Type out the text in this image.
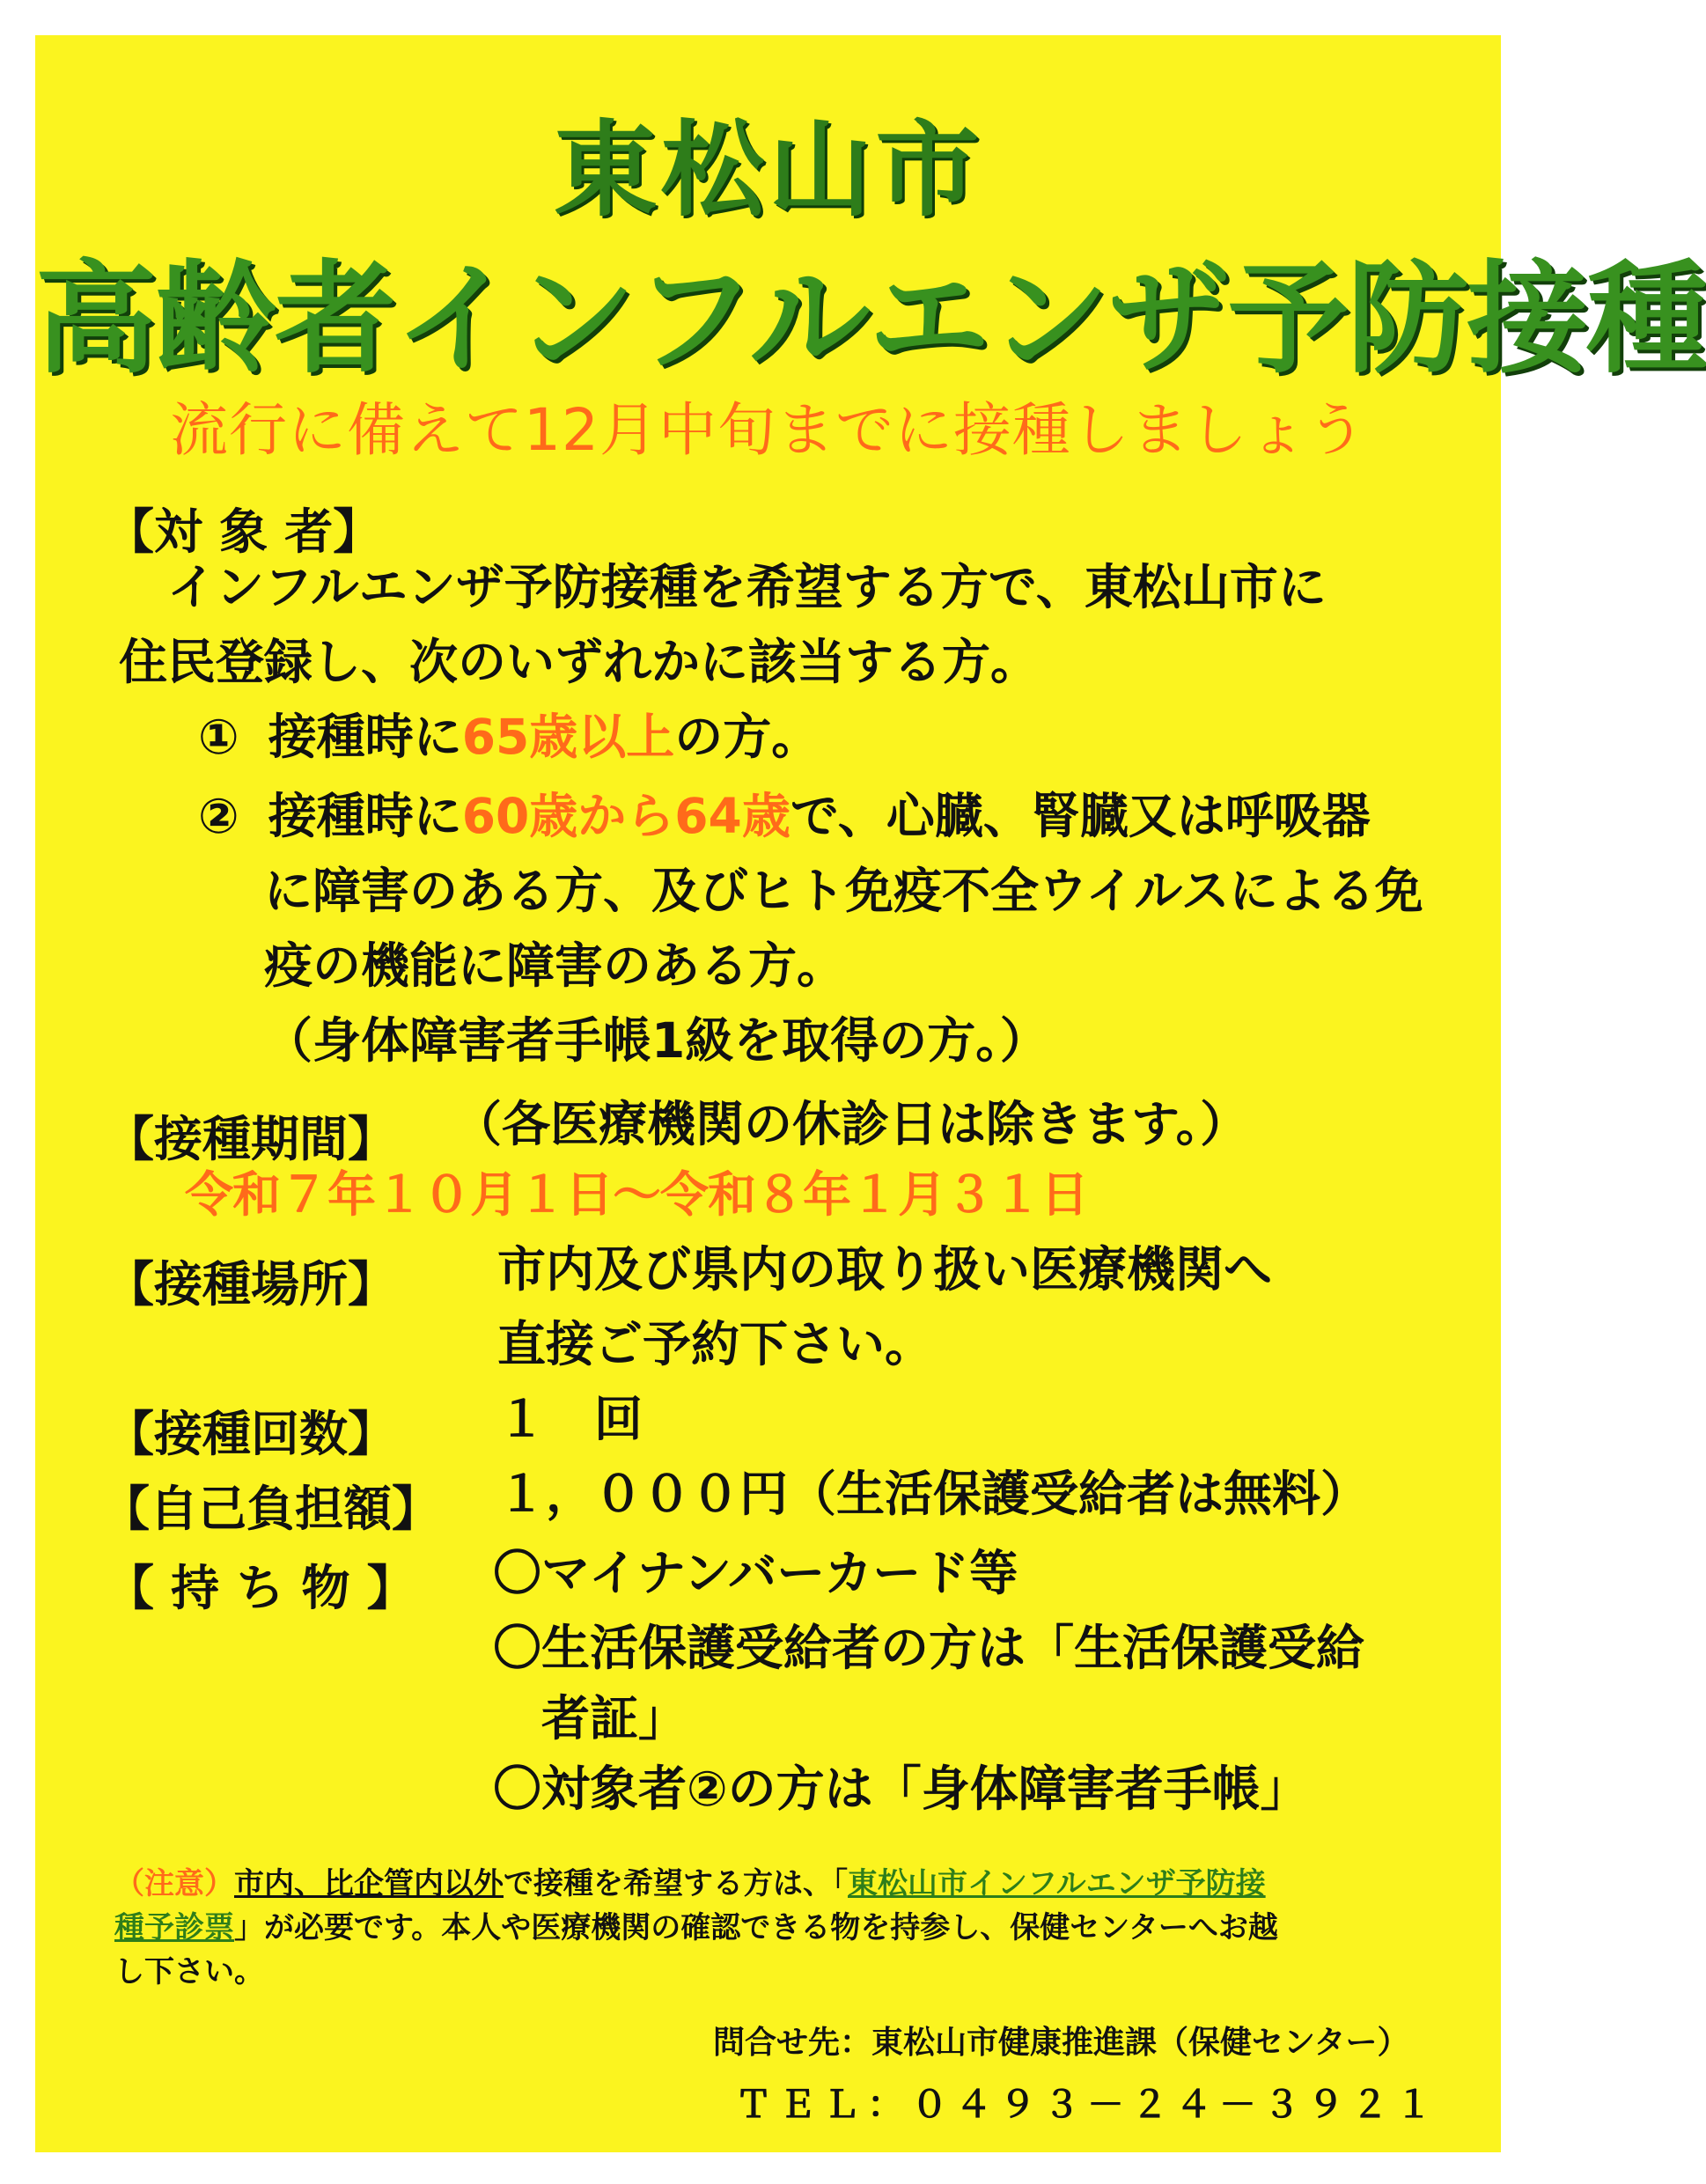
東松山市
高齢者インフルエンザ予防接種
流行に備えて12月中旬までに接種しましょう
【対 象 者】
インフルエンザ予防接種を希望する方で、東松山市に
住民登録し、次のいずれかに該当する方。
① 接種時に65歳以上の方。
② 接種時に60歳から64歳で、心臓、腎臓又は呼吸器
に障害のある方、及びヒト免疫不全ウイルスによる免
疫の機能に障害のある方。
（身体障害者手帳1級を取得の方。）
【接種期間】 （各医療機関の休診日は除きます。）
令和７年１０月１日～令和８年１月３１日
【接種場所】 市内及び県内の取り扱い医療機関へ
直接ご予約下さい。
【接種回数】 １　回
【自己負担額】 １，０００円（生活保護受給者は無料）
【 持 ち 物 】 〇マイナンバーカード等
〇生活保護受給者の方は「生活保護受給
者証」
〇対象者②の方は「身体障害者手帳」
（注意）市内、比企管内以外で接種を希望する方は、「東松山市インフルエンザ予防接
種予診票」が必要です。本人や医療機関の確認できる物を持参し、保健センターへお越
し下さい。
問合せ先：東松山市健康推進課（保健センター）
ＴＥＬ：０４９３－２４－３９２１
